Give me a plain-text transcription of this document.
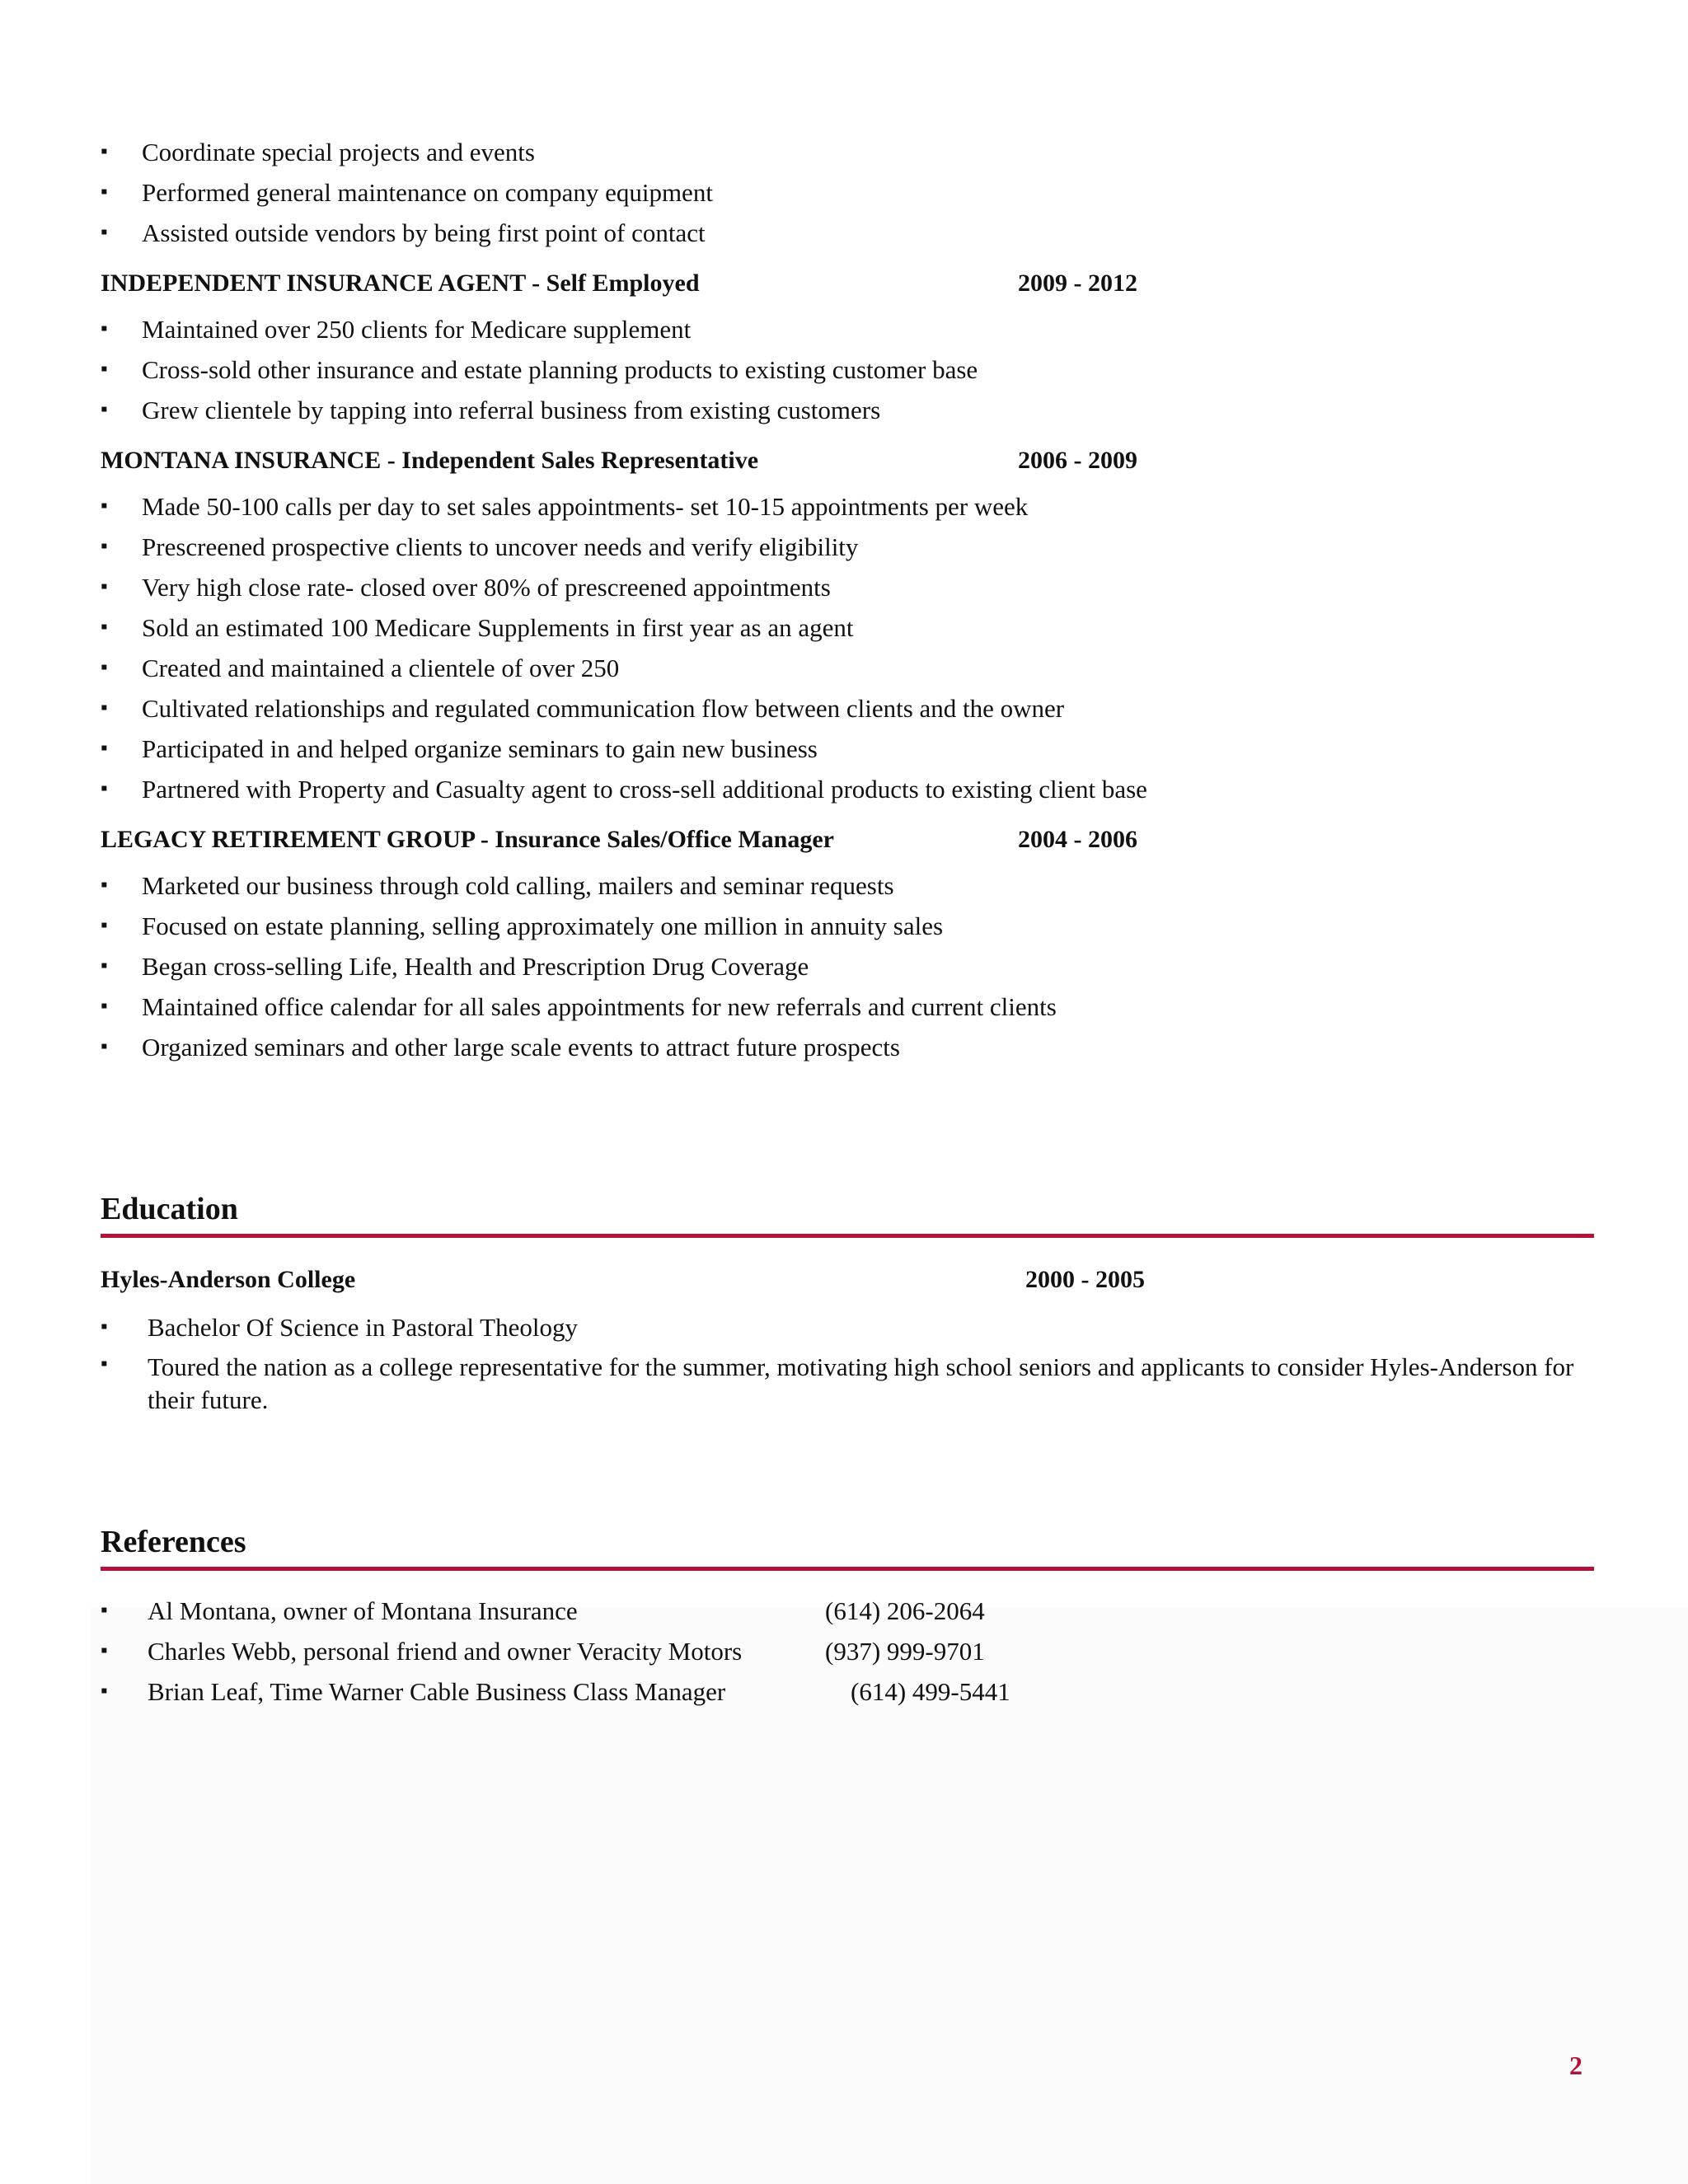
▪ Coordinate special projects and events
▪ Performed general maintenance on company equipment
▪ Assisted outside vendors by being first point of contact
INDEPENDENT INSURANCE AGENT - Self Employed	2009 - 2012
▪ Maintained over 250 clients for Medicare supplement
▪ Cross-sold other insurance and estate planning products to existing customer base
▪ Grew clientele by tapping into referral business from existing customers
MONTANA INSURANCE - Independent Sales Representative	2006 - 2009
▪ Made 50-100 calls per day to set sales appointments- set 10-15 appointments per week
▪ Prescreened prospective clients to uncover needs and verify eligibility
▪ Very high close rate- closed over 80% of prescreened appointments
▪ Sold an estimated 100 Medicare Supplements in first year as an agent
▪ Created and maintained a clientele of over 250
▪ Cultivated relationships and regulated communication flow between clients and the owner
▪ Participated in and helped organize seminars to gain new business
▪ Partnered with Property and Casualty agent to cross-sell additional products to existing client base
LEGACY RETIREMENT GROUP - Insurance Sales/Office Manager	2004 - 2006
▪ Marketed our business through cold calling, mailers and seminar requests
▪ Focused on estate planning, selling approximately one million in annuity sales
▪ Began cross-selling Life, Health and Prescription Drug Coverage
▪ Maintained office calendar for all sales appointments for new referrals and current clients
▪ Organized seminars and other large scale events to attract future prospects
Education
Hyles-Anderson College	2000 - 2005
▪ Bachelor Of Science in Pastoral Theology
▪ Toured the nation as a college representative for the summer, motivating high school seniors and applicants to consider Hyles-Anderson for their future.
References
▪ Al Montana, owner of Montana Insurance	(614) 206-2064
▪ Charles Webb, personal friend and owner Veracity Motors	(937) 999-9701
▪ Brian Leaf, Time Warner Cable Business Class Manager	(614) 499-5441
2
